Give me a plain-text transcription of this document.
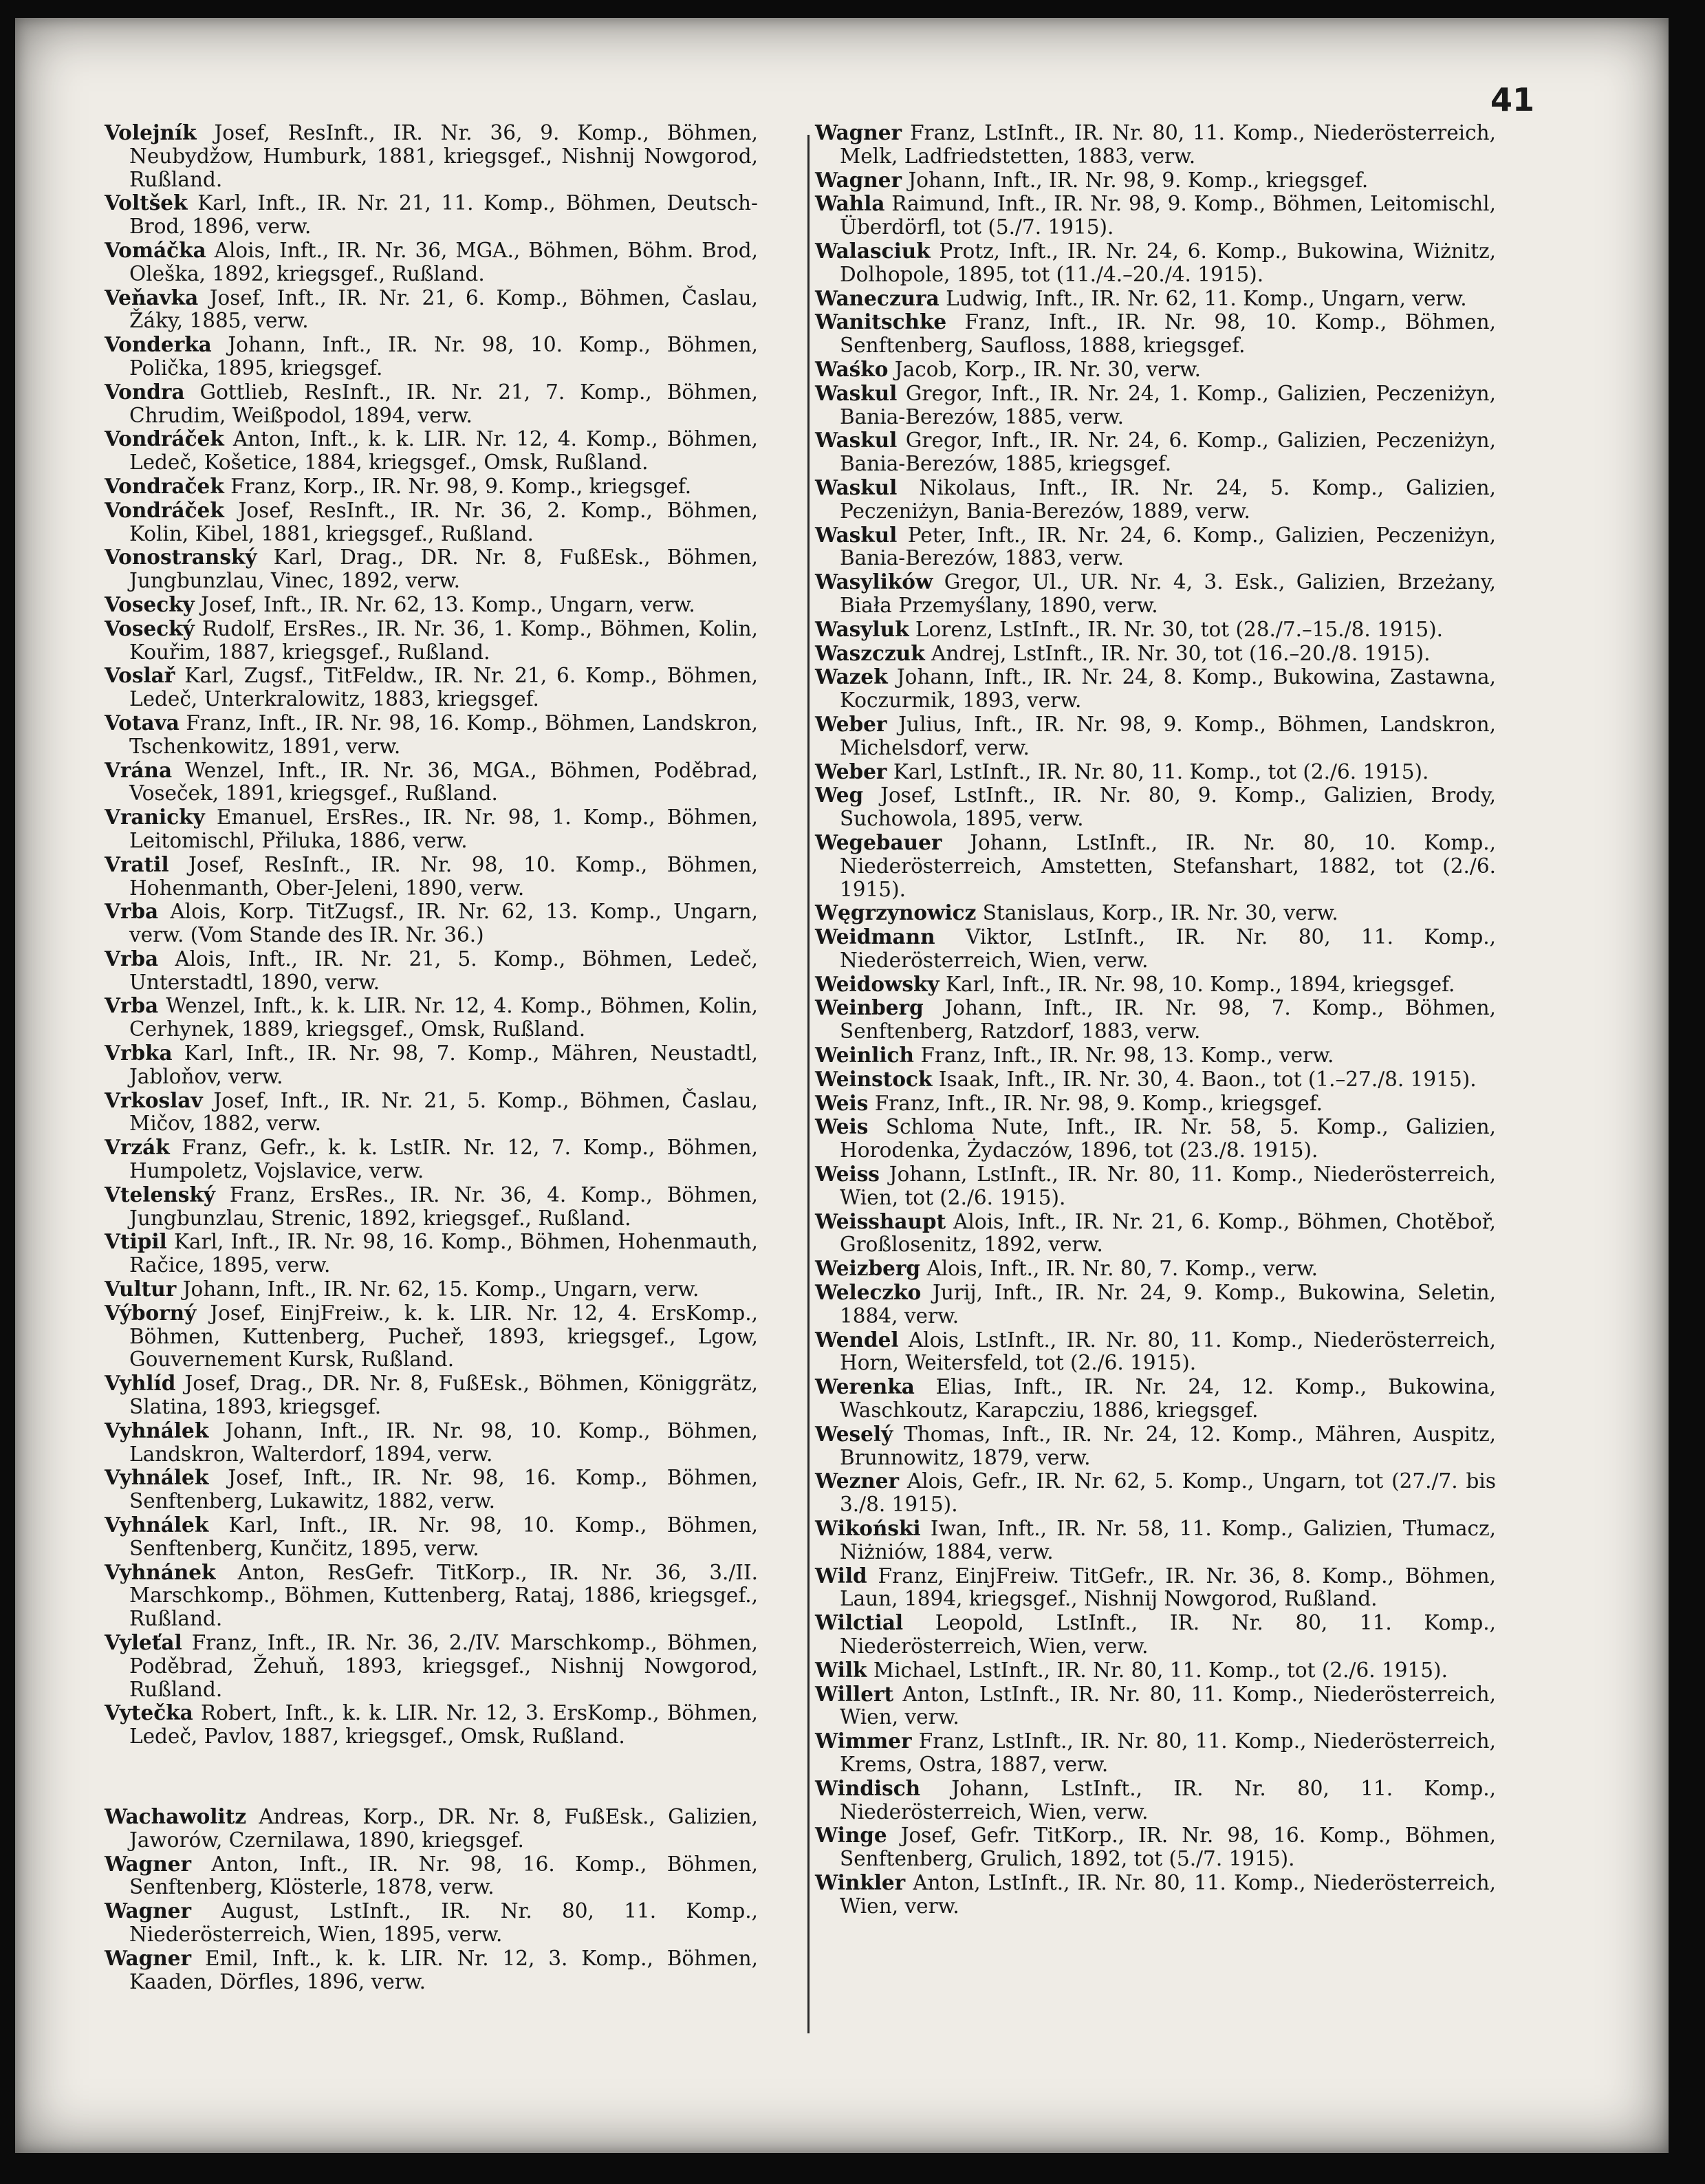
41

Volejník Josef, ResInft., IR. Nr. 36, 9. Komp., Böhmen, Neubydžow, Humburk, 1881, kriegsgef., Nishnij Nowgorod, Rußland.

Voltšek Karl, Inft., IR. Nr. 21, 11. Komp., Böhmen, Deutsch-Brod, 1896, verw.

Vomáčka Alois, Inft., IR. Nr. 36, MGA., Böhmen, Böhm. Brod, Oleška, 1892, kriegsgef., Rußland.

Veňavka Josef, Inft., IR. Nr. 21, 6. Komp., Böhmen, Časlau, Žáky, 1885, verw.

Vonderka Johann, Inft., IR. Nr. 98, 10. Komp., Böhmen, Polička, 1895, kriegsgef.

Vondra Gottlieb, ResInft., IR. Nr. 21, 7. Komp., Böhmen, Chrudim, Weißpodol, 1894, verw.

Vondráček Anton, Inft., k. k. LIR. Nr. 12, 4. Komp., Böhmen, Ledeč, Košetice, 1884, kriegsgef., Omsk, Rußland.

Vondraček Franz, Korp., IR. Nr. 98, 9. Komp., kriegsgef.

Vondráček Josef, ResInft., IR. Nr. 36, 2. Komp., Böhmen, Kolin, Kibel, 1881, kriegsgef., Rußland.

Vonostranský Karl, Drag., DR. Nr. 8, FußEsk., Böhmen, Jungbunzlau, Vinec, 1892, verw.

Vosecky Josef, Inft., IR. Nr. 62, 13. Komp., Ungarn, verw.

Vosecký Rudolf, ErsRes., IR. Nr. 36, 1. Komp., Böhmen, Kolin, Kouřim, 1887, kriegsgef., Rußland.

Voslař Karl, Zugsf., TitFeldw., IR. Nr. 21, 6. Komp., Böhmen, Ledeč, Unterkralowitz, 1883, kriegsgef.

Votava Franz, Inft., IR. Nr. 98, 16. Komp., Böhmen, Landskron, Tschenkowitz, 1891, verw.

Vrána Wenzel, Inft., IR. Nr. 36, MGA., Böhmen, Poděbrad, Voseček, 1891, kriegsgef., Rußland.

Vranicky Emanuel, ErsRes., IR. Nr. 98, 1. Komp., Böhmen, Leitomischl, Přiluka, 1886, verw.

Vratil Josef, ResInft., IR. Nr. 98, 10. Komp., Böhmen, Hohenmanth, Ober-Jeleni, 1890, verw.

Vrba Alois, Korp. TitZugsf., IR. Nr. 62, 13. Komp., Ungarn, verw. (Vom Stande des IR. Nr. 36.)

Vrba Alois, Inft., IR. Nr. 21, 5. Komp., Böhmen, Ledeč, Unterstadtl, 1890, verw.

Vrba Wenzel, Inft., k. k. LIR. Nr. 12, 4. Komp., Böhmen, Kolin, Cerhynek, 1889, kriegsgef., Omsk, Rußland.

Vrbka Karl, Inft., IR. Nr. 98, 7. Komp., Mähren, Neustadtl, Jabloňov, verw.

Vrkoslav Josef, Inft., IR. Nr. 21, 5. Komp., Böhmen, Časlau, Mičov, 1882, verw.

Vrzák Franz, Gefr., k. k. LstIR. Nr. 12, 7. Komp., Böhmen, Humpoletz, Vojslavice, verw.

Vtelenský Franz, ErsRes., IR. Nr. 36, 4. Komp., Böhmen, Jungbunzlau, Strenic, 1892, kriegsgef., Rußland.

Vtipil Karl, Inft., IR. Nr. 98, 16. Komp., Böhmen, Hohenmauth, Račice, 1895, verw.

Vultur Johann, Inft., IR. Nr. 62, 15. Komp., Ungarn, verw.

Výborný Josef, EinjFreiw., k. k. LIR. Nr. 12, 4. ErsKomp., Böhmen, Kuttenberg, Pucheř, 1893, kriegsgef., Lgow, Gouvernement Kursk, Rußland.

Vyhlíd Josef, Drag., DR. Nr. 8, FußEsk., Böhmen, Königgrätz, Slatina, 1893, kriegsgef.

Vyhnálek Johann, Inft., IR. Nr. 98, 10. Komp., Böhmen, Landskron, Walterdorf, 1894, verw.

Vyhnálek Josef, Inft., IR. Nr. 98, 16. Komp., Böhmen, Senftenberg, Lukawitz, 1882, verw.

Vyhnálek Karl, Inft., IR. Nr. 98, 10. Komp., Böhmen, Senftenberg, Kunčitz, 1895, verw.

Vyhnánek Anton, ResGefr. TitKorp., IR. Nr. 36, 3./II. Marschkomp., Böhmen, Kuttenberg, Rataj, 1886, kriegsgef., Rußland.

Vyleťal Franz, Inft., IR. Nr. 36, 2./IV. Marschkomp., Böhmen, Poděbrad, Žehuň, 1893, kriegsgef., Nishnij Nowgorod, Rußland.

Vytečka Robert, Inft., k. k. LIR. Nr. 12, 3. ErsKomp., Böhmen, Ledeč, Pavlov, 1887, kriegsgef., Omsk, Rußland.

Wachawolitz Andreas, Korp., DR. Nr. 8, FußEsk., Galizien, Jaworów, Czernilawa, 1890, kriegsgef.

Wagner Anton, Inft., IR. Nr. 98, 16. Komp., Böhmen, Senftenberg, Klösterle, 1878, verw.

Wagner August, LstInft., IR. Nr. 80, 11. Komp., Niederösterreich, Wien, 1895, verw.

Wagner Emil, Inft., k. k. LIR. Nr. 12, 3. Komp., Böhmen, Kaaden, Dörfles, 1896, verw.

Wagner Franz, LstInft., IR. Nr. 80, 11. Komp., Niederösterreich, Melk, Ladfriedstetten, 1883, verw.

Wagner Johann, Inft., IR. Nr. 98, 9. Komp., kriegsgef.

Wahla Raimund, Inft., IR. Nr. 98, 9. Komp., Böhmen, Leitomischl, Überdörfl, tot (5./7. 1915).

Walasciuk Protz, Inft., IR. Nr. 24, 6. Komp., Bukowina, Wiżnitz, Dolhopole, 1895, tot (11./4.–20./4. 1915).

Waneczura Ludwig, Inft., IR. Nr. 62, 11. Komp., Ungarn, verw.

Wanitschke Franz, Inft., IR. Nr. 98, 10. Komp., Böhmen, Senftenberg, Saufloss, 1888, kriegsgef.

Waśko Jacob, Korp., IR. Nr. 30, verw.

Waskul Gregor, Inft., IR. Nr. 24, 1. Komp., Galizien, Peczeniżyn, Bania-Berezów, 1885, verw.

Waskul Gregor, Inft., IR. Nr. 24, 6. Komp., Galizien, Peczeniżyn, Bania-Berezów, 1885, kriegsgef.

Waskul Nikolaus, Inft., IR. Nr. 24, 5. Komp., Galizien, Peczeniżyn, Bania-Berezów, 1889, verw.

Waskul Peter, Inft., IR. Nr. 24, 6. Komp., Galizien, Peczeniżyn, Bania-Berezów, 1883, verw.

Wasylików Gregor, Ul., UR. Nr. 4, 3. Esk., Galizien, Brzeżany, Biała Przemyślany, 1890, verw.

Wasyluk Lorenz, LstInft., IR. Nr. 30, tot (28./7.–15./8. 1915).

Waszczuk Andrej, LstInft., IR. Nr. 30, tot (16.–20./8. 1915).

Wazek Johann, Inft., IR. Nr. 24, 8. Komp., Bukowina, Zastawna, Koczurmik, 1893, verw.

Weber Julius, Inft., IR. Nr. 98, 9. Komp., Böhmen, Landskron, Michelsdorf, verw.

Weber Karl, LstInft., IR. Nr. 80, 11. Komp., tot (2./6. 1915).

Weg Josef, LstInft., IR. Nr. 80, 9. Komp., Galizien, Brody, Suchowola, 1895, verw.

Wegebauer Johann, LstInft., IR. Nr. 80, 10. Komp., Niederösterreich, Amstetten, Stefanshart, 1882, tot (2./6. 1915).

Węgrzynowicz Stanislaus, Korp., IR. Nr. 30, verw.

Weidmann Viktor, LstInft., IR. Nr. 80, 11. Komp., Niederösterreich, Wien, verw.

Weidowsky Karl, Inft., IR. Nr. 98, 10. Komp., 1894, kriegsgef.

Weinberg Johann, Inft., IR. Nr. 98, 7. Komp., Böhmen, Senftenberg, Ratzdorf, 1883, verw.

Weinlich Franz, Inft., IR. Nr. 98, 13. Komp., verw.

Weinstock Isaak, Inft., IR. Nr. 30, 4. Baon., tot (1.–27./8. 1915).

Weis Franz, Inft., IR. Nr. 98, 9. Komp., kriegsgef.

Weis Schloma Nute, Inft., IR. Nr. 58, 5. Komp., Galizien, Horodenka, Żydaczów, 1896, tot (23./8. 1915).

Weiss Johann, LstInft., IR. Nr. 80, 11. Komp., Niederösterreich, Wien, tot (2./6. 1915).

Weisshaupt Alois, Inft., IR. Nr. 21, 6. Komp., Böhmen, Chotěboř, Großlosenitz, 1892, verw.

Weizberg Alois, Inft., IR. Nr. 80, 7. Komp., verw.

Weleczko Jurij, Inft., IR. Nr. 24, 9. Komp., Bukowina, Seletin, 1884, verw.

Wendel Alois, LstInft., IR. Nr. 80, 11. Komp., Niederösterreich, Horn, Weitersfeld, tot (2./6. 1915).

Werenka Elias, Inft., IR. Nr. 24, 12. Komp., Bukowina, Waschkoutz, Karapcziu, 1886, kriegsgef.

Weselý Thomas, Inft., IR. Nr. 24, 12. Komp., Mähren, Auspitz, Brunnowitz, 1879, verw.

Wezner Alois, Gefr., IR. Nr. 62, 5. Komp., Ungarn, tot (27./7. bis 3./8. 1915).

Wikoński Iwan, Inft., IR. Nr. 58, 11. Komp., Galizien, Tłumacz, Niżniów, 1884, verw.

Wild Franz, EinjFreiw. TitGefr., IR. Nr. 36, 8. Komp., Böhmen, Laun, 1894, kriegsgef., Nishnij Nowgorod, Rußland.

Wilctial Leopold, LstInft., IR. Nr. 80, 11. Komp., Niederösterreich, Wien, verw.

Wilk Michael, LstInft., IR. Nr. 80, 11. Komp., tot (2./6. 1915).

Willert Anton, LstInft., IR. Nr. 80, 11. Komp., Niederösterreich, Wien, verw.

Wimmer Franz, LstInft., IR. Nr. 80, 11. Komp., Niederösterreich, Krems, Ostra, 1887, verw.

Windisch Johann, LstInft., IR. Nr. 80, 11. Komp., Niederösterreich, Wien, verw.

Winge Josef, Gefr. TitKorp., IR. Nr. 98, 16. Komp., Böhmen, Senftenberg, Grulich, 1892, tot (5./7. 1915).

Winkler Anton, LstInft., IR. Nr. 80, 11. Komp., Niederösterreich, Wien, verw.
